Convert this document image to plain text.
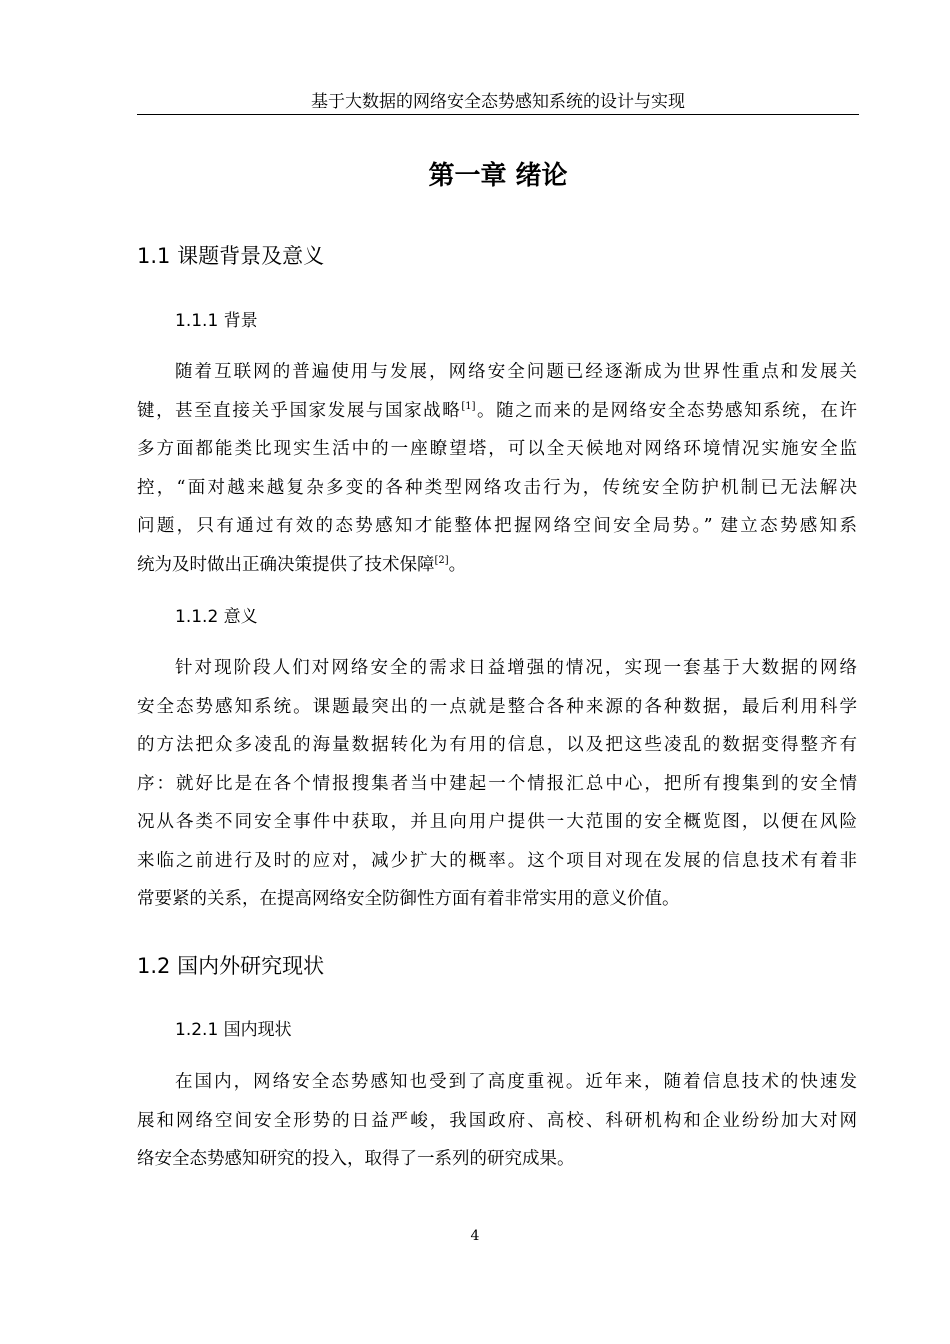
基于大数据的网络安全态势感知系统的设计与实现
第一章 绪论
1.1 课题背景及意义
1.1.1 背景
随着互联网的普遍使用与发展，网络安全问题已经逐渐成为世界性重点和发展关
键，甚至直接关乎国家发展与国家战略[1]。随之而来的是网络安全态势感知系统，在许
多方面都能类比现实生活中的一座瞭望塔，可以全天候地对网络环境情况实施安全监
控，“面对越来越复杂多变的各种类型网络攻击行为，传统安全防护机制已无法解决
问题，只有通过有效的态势感知才能整体把握网络空间安全局势。” 建立态势感知系
统为及时做出正确决策提供了技术保障[2]。
1.1.2 意义
针对现阶段人们对网络安全的需求日益增强的情况，实现一套基于大数据的网络
安全态势感知系统。课题最突出的一点就是整合各种来源的各种数据，最后利用科学
的方法把众多凌乱的海量数据转化为有用的信息，以及把这些凌乱的数据变得整齐有
序：就好比是在各个情报搜集者当中建起一个情报汇总中心，把所有搜集到的安全情
况从各类不同安全事件中获取，并且向用户提供一大范围的安全概览图，以便在风险
来临之前进行及时的应对，减少扩大的概率。这个项目对现在发展的信息技术有着非
常要紧的关系，在提高网络安全防御性方面有着非常实用的意义价值。
1.2 国内外研究现状
1.2.1 国内现状
在国内，网络安全态势感知也受到了高度重视。近年来，随着信息技术的快速发
展和网络空间安全形势的日益严峻，我国政府、高校、科研机构和企业纷纷加大对网
络安全态势感知研究的投入，取得了一系列的研究成果。
4
